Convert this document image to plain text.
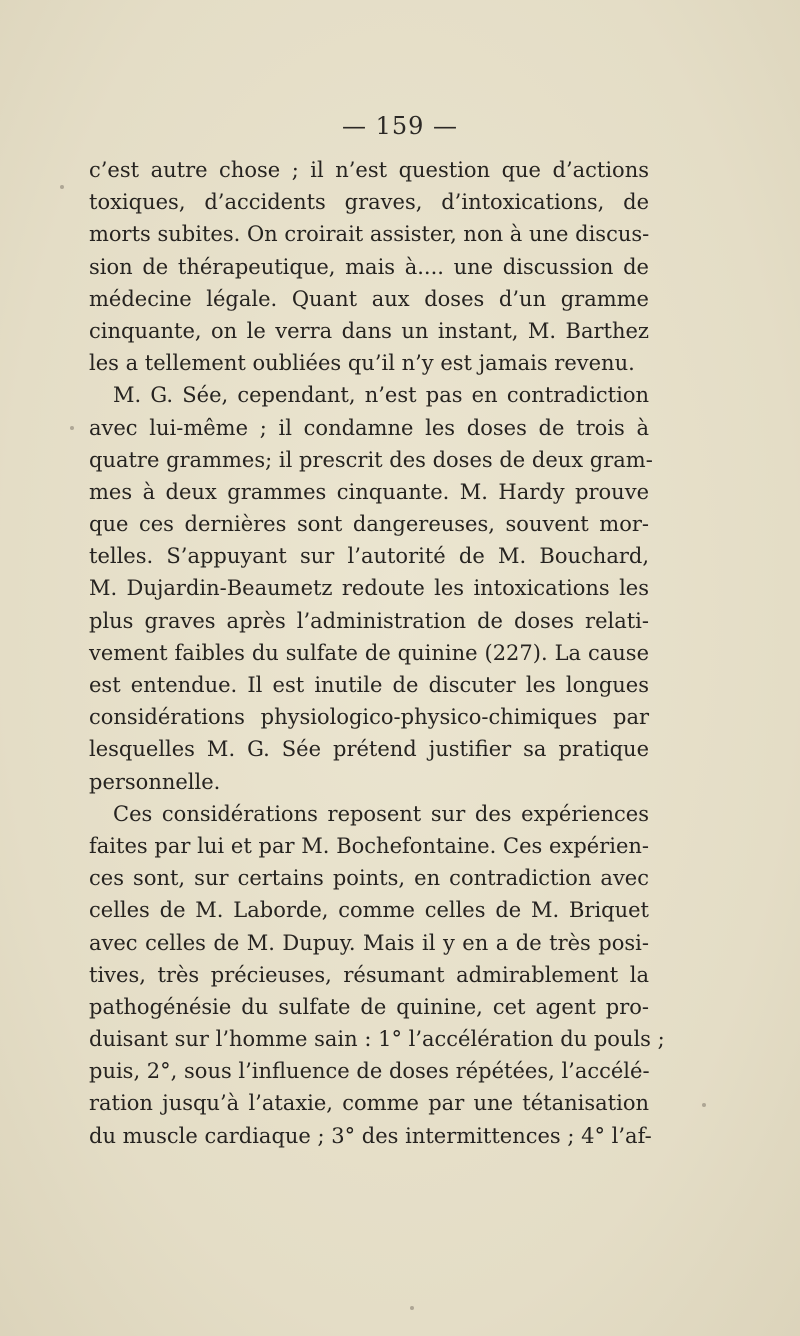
— 159 —
c’est autre chose ; il n’est question que d’actions
toxiques, d’accidents graves, d’intoxications, de
morts subites. On croirait assister, non à une discus-
sion de thérapeutique, mais à.... une discussion de
médecine légale. Quant aux doses d’un gramme
cinquante, on le verra dans un instant, M. Barthez
les a tellement oubliées qu’il n’y est jamais revenu.
M. G. Sée, cependant, n’est pas en contradiction
avec lui-même ; il condamne les doses de trois à
quatre grammes; il prescrit des doses de deux gram-
mes à deux grammes cinquante. M. Hardy prouve
que ces dernières sont dangereuses, souvent mor-
telles. S’appuyant sur l’autorité de M. Bouchard,
M. Dujardin-Beaumetz redoute les intoxications les
plus graves après l’administration de doses relati-
vement faibles du sulfate de quinine (227). La cause
est entendue. Il est inutile de discuter les longues
considérations physiologico-physico-chimiques par
lesquelles M. G. Sée prétend justifier sa pratique
personnelle.
Ces considérations reposent sur des expériences
faites par lui et par M. Bochefontaine. Ces expérien-
ces sont, sur certains points, en contradiction avec
celles de M. Laborde, comme celles de M. Briquet
avec celles de M. Dupuy. Mais il y en a de très posi-
tives, très précieuses, résumant admirablement la
pathogénésie du sulfate de quinine, cet agent pro-
duisant sur l’homme sain : 1° l’accélération du pouls ;
puis, 2°, sous l’influence de doses répétées, l’accélé-
ration jusqu’à l’ataxie, comme par une tétanisation
du muscle cardiaque ; 3° des intermittences ; 4° l’af-
